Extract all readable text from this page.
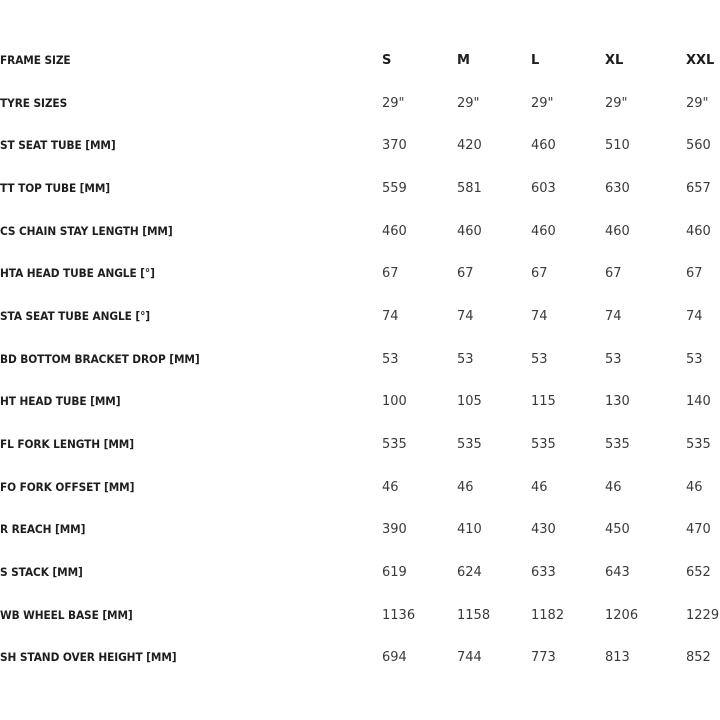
FRAME SIZE	S	M	L	XL	XXL
TYRE SIZES	29"	29"	29"	29"	29"
ST SEAT TUBE [MM]	370	420	460	510	560
TT TOP TUBE [MM]	559	581	603	630	657
CS CHAIN STAY LENGTH [MM]	460	460	460	460	460
HTA HEAD TUBE ANGLE [°]	67	67	67	67	67
STA SEAT TUBE ANGLE [°]	74	74	74	74	74
BD BOTTOM BRACKET DROP [MM]	53	53	53	53	53
HT HEAD TUBE [MM]	100	105	115	130	140
FL FORK LENGTH [MM]	535	535	535	535	535
FO FORK OFFSET [MM]	46	46	46	46	46
R REACH [MM]	390	410	430	450	470
S STACK [MM]	619	624	633	643	652
WB WHEEL BASE [MM]	1136	1158	1182	1206	1229
SH STAND OVER HEIGHT [MM]	694	744	773	813	852
